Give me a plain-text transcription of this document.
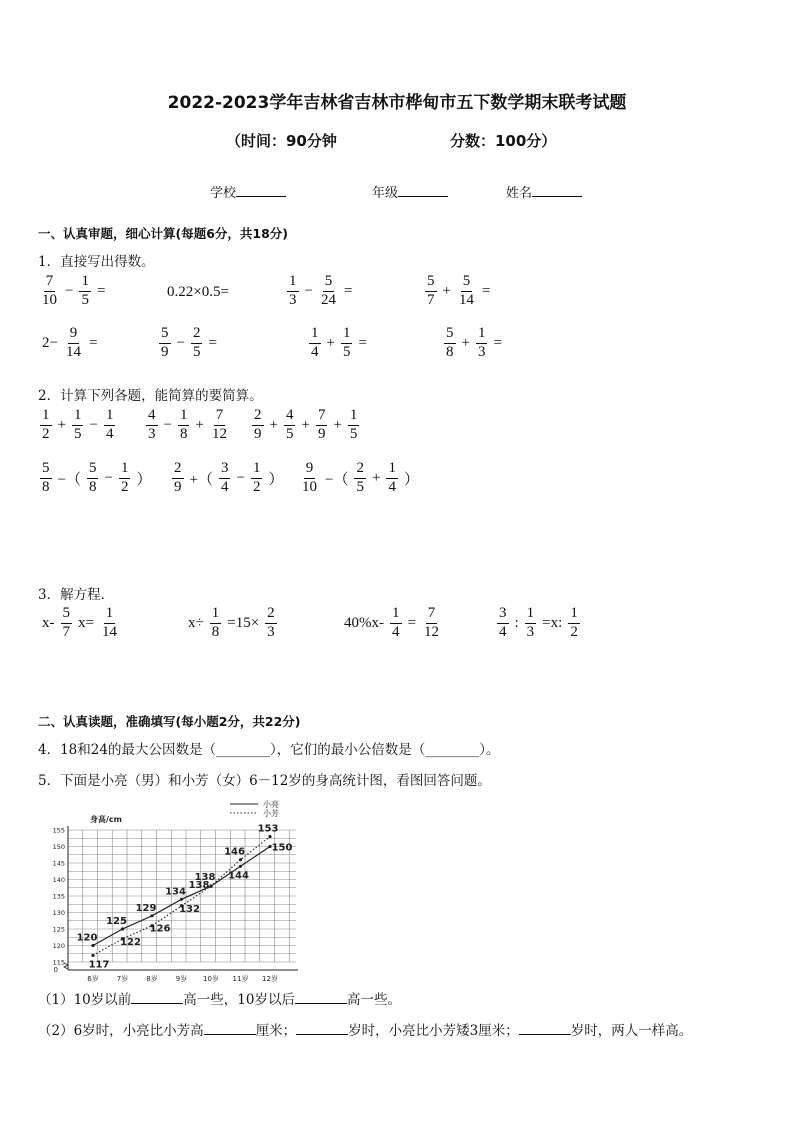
2022-2023学年吉林省吉林市桦甸市五下数学期末联考试题
（时间：90分钟	分数：100分）
学校	年级	姓名
一、认真审题，细心计算(每题6分，共18分)
1．直接写出得数。
$\frac{7}{10} - \frac{1}{5}$ =	0.22×0.5=	$\frac{1}{3} - \frac{5}{24}$ =	$\frac{5}{7} + \frac{5}{14}$ =
$2- \frac{9}{14}$ =	$\frac{5}{9} - \frac{2}{5}$ =	$\frac{1}{4} + \frac{1}{5}$ =	$\frac{5}{8} + \frac{1}{3}$ =
2．计算下列各题，能简算的要简算。
$\frac{1}{2} + \frac{1}{5} - \frac{1}{4} \frac{4}{3} - \frac{1}{8} + \frac{7}{12} \frac{2}{9} + \frac{4}{5} + \frac{7}{9} + \frac{1}{5}$
$\frac{5}{8}$ −（ $\frac{5}{8} - \frac{1}{2}$ ） $\frac{2}{9}$ +（ $\frac{3}{4} - \frac{1}{2}$ ） $\frac{9}{10}$ −（ $\frac{2}{5} + \frac{1}{4}$ ）
3．解方程．
$x- \frac{5}{7} x= \frac{1}{14}$	$x\div \frac{1}{8} =15\times \frac{2}{3}$	$40\%x- \frac{1}{4} = \frac{7}{12}$	$\frac{3}{4}$ : $\frac{1}{3} =x$: $\frac{1}{2}$
二、认真读题，准确填写(每小题2分，共22分)
4．18和24的最大公因数是（________），它们的最小公倍数是（________）。
5．下面是小亮（男）和小芳（女）6－12岁的身高统计图，看图回答问题。
0
身高/cm
115
120
125
130
135
140
145
150
155
6岁	7岁	8岁	9岁 10岁 11岁 12岁
120
125
129
134
138 144
150
117
122
126
132
138
146
153
小亮
小芳
（1）10岁以前	高一些，10岁以后	高一些。
（2）6岁时，小亮比小芳高	厘米；	岁时，小亮比小芳矮3厘米；	岁时，两人一样高。
